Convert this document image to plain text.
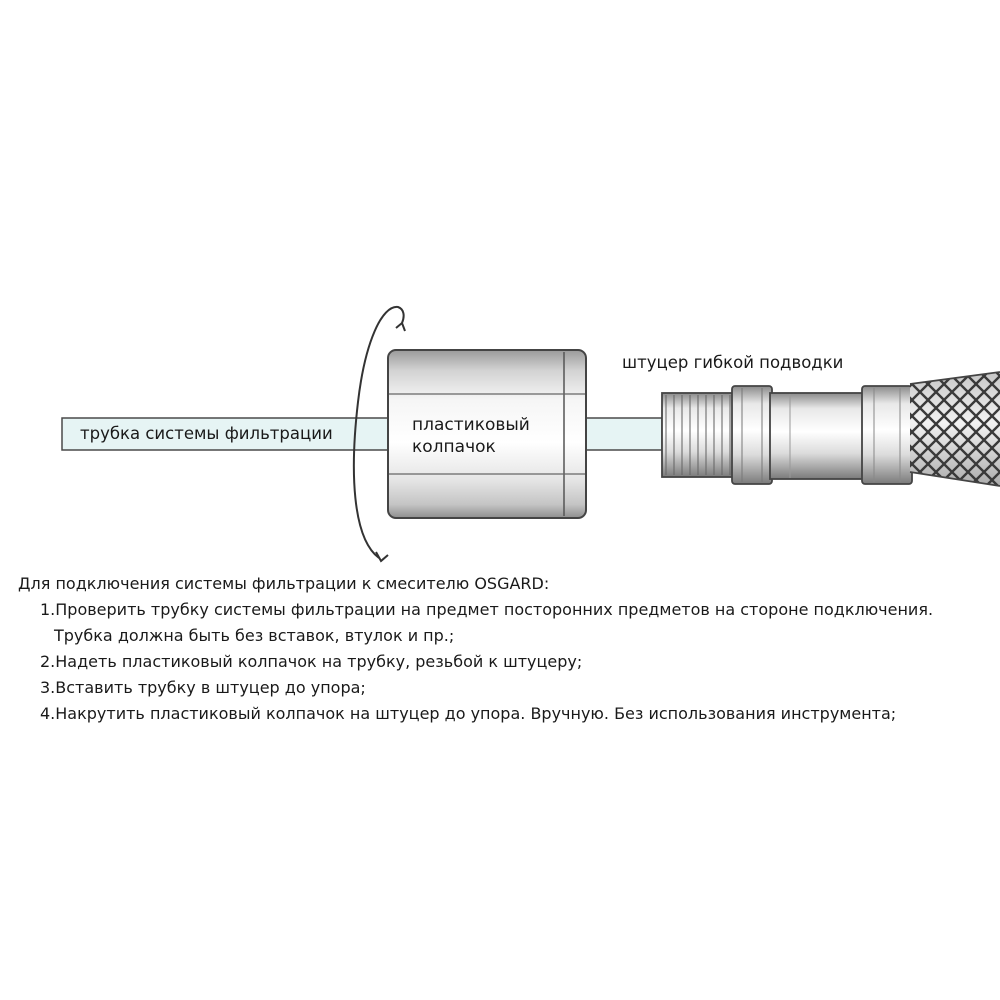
трубка системы фильтрации	пластиковый
колпачок
штуцер гибкой подводки
Для подключения системы фильтрации к смесителю OSGARD:
1.Проверить трубку системы фильтрации на предмет посторонних предметов на стороне подключения.
Трубка должна быть без вставок, втулок и пр.;
2.Надеть пластиковый колпачок на трубку, резьбой к штуцеру;
3.Вставить трубку в штуцер до упора;
4.Накрутить пластиковый колпачок на штуцер до упора. Вручную. Без использования инструмента;
